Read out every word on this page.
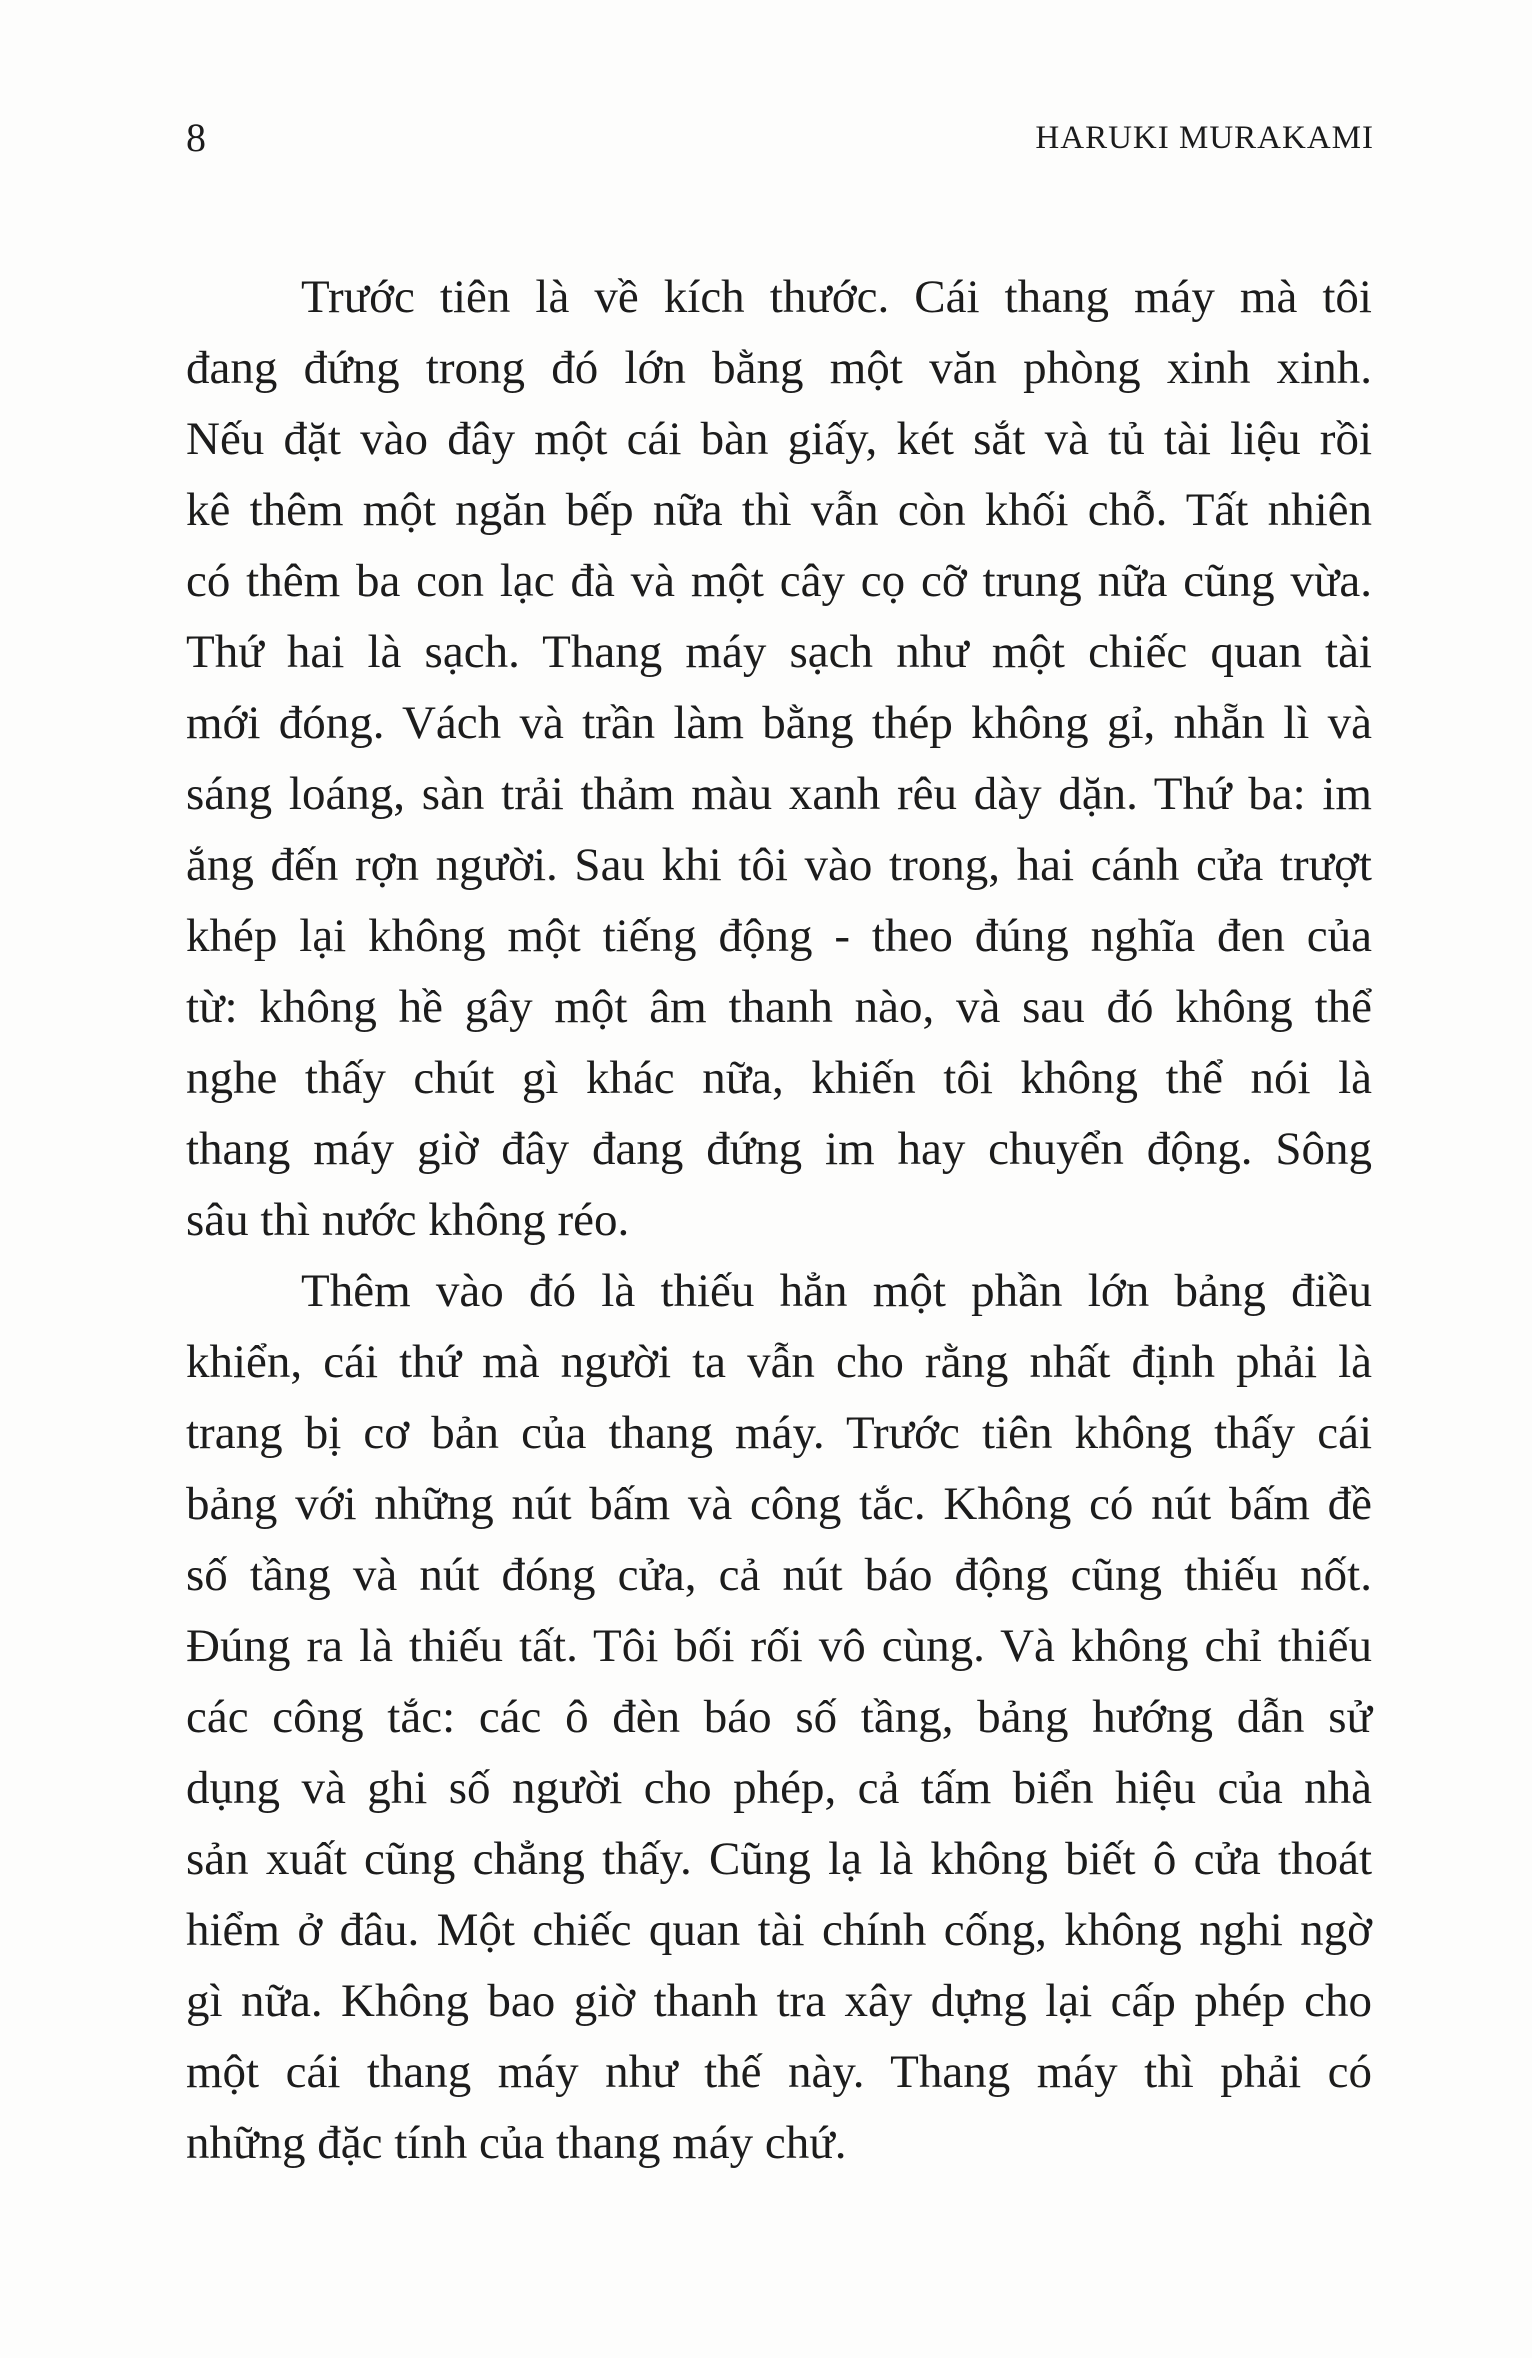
8	HARUKI MURAKAMI

Trước tiên là về kích thước. Cái thang máy mà tôi
đang đứng trong đó lớn bằng một văn phòng xinh xinh.
Nếu đặt vào đây một cái bàn giấy, két sắt và tủ tài liệu rồi
kê thêm một ngăn bếp nữa thì vẫn còn khối chỗ. Tất nhiên
có thêm ba con lạc đà và một cây cọ cỡ trung nữa cũng vừa.
Thứ hai là sạch. Thang máy sạch như một chiếc quan tài
mới đóng. Vách và trần làm bằng thép không gỉ, nhẵn lì và
sáng loáng, sàn trải thảm màu xanh rêu dày dặn. Thứ ba: im
ắng đến rợn người. Sau khi tôi vào trong, hai cánh cửa trượt
khép lại không một tiếng động - theo đúng nghĩa đen của
từ: không hề gây một âm thanh nào, và sau đó không thể
nghe thấy chút gì khác nữa, khiến tôi không thể nói là
thang máy giờ đây đang đứng im hay chuyển động. Sông
sâu thì nước không réo.

Thêm vào đó là thiếu hẳn một phần lớn bảng điều
khiển, cái thứ mà người ta vẫn cho rằng nhất định phải là
trang bị cơ bản của thang máy. Trước tiên không thấy cái
bảng với những nút bấm và công tắc. Không có nút bấm đề
số tầng và nút đóng cửa, cả nút báo động cũng thiếu nốt.
Đúng ra là thiếu tất. Tôi bối rối vô cùng. Và không chỉ thiếu
các công tắc: các ô đèn báo số tầng, bảng hướng dẫn sử
dụng và ghi số người cho phép, cả tấm biển hiệu của nhà
sản xuất cũng chẳng thấy. Cũng lạ là không biết ô cửa thoát
hiểm ở đâu. Một chiếc quan tài chính cống, không nghi ngờ
gì nữa. Không bao giờ thanh tra xây dựng lại cấp phép cho
một cái thang máy như thế này. Thang máy thì phải có
những đặc tính của thang máy chứ.
